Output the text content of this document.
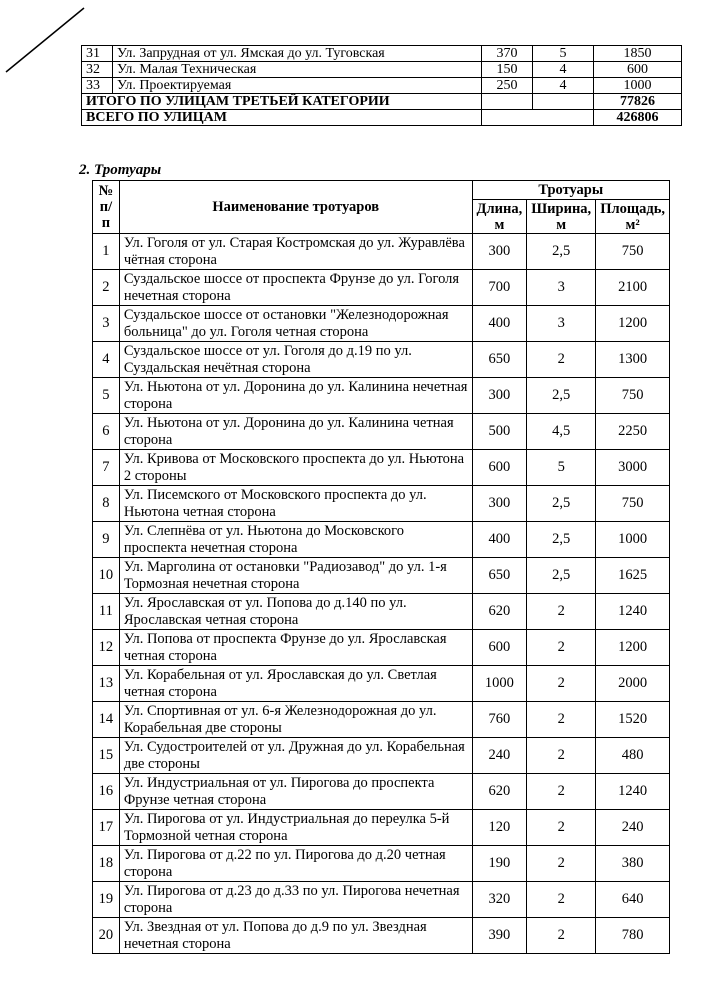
31	Ул. Запрудная от ул. Ямская до ул. Туговская	370	5	1850
32	Ул. Малая Техническая	150	4	600
33	Ул. Проектируемая	250	4	1000
ИТОГО ПО УЛИЦАМ ТРЕТЬЕЙ КАТЕГОРИИ				77826
ВСЕГО ПО УЛИЦАМ				426806
2. Тротуары
№ п/п	Наименование тротуаров	Тротуары		
		Длина, м	Ширина, м	Площадь, м²
1	Ул. Гоголя от ул. Старая Костромская до ул. Журавлёва чётная сторона	300	2,5	750
2	Суздальское шоссе от проспекта Фрунзе до ул. Гоголя нечетная сторона	700	3	2100
3	Суздальское шоссе от остановки "Железнодорожная больница" до ул. Гоголя четная сторона	400	3	1200
4	Суздальское шоссе от ул. Гоголя до д.19 по ул. Суздальская нечётная сторона	650	2	1300
5	Ул. Ньютона от ул. Доронина до ул. Калинина нечетная сторона	300	2,5	750
6	Ул. Ньютона от ул. Доронина до ул. Калинина четная сторона	500	4,5	2250
7	Ул. Кривова от Московского проспекта до ул. Ньютона 2 стороны	600	5	3000
8	Ул. Писемского от Московского проспекта до ул. Ньютона четная сторона	300	2,5	750
9	Ул. Слепнёва от ул. Ньютона до Московского проспекта нечетная сторона	400	2,5	1000
10	Ул. Марголина от остановки "Радиозавод" до ул. 1-я Тормозная нечетная сторона	650	2,5	1625
11	Ул. Ярославская от ул. Попова до д.140 по ул. Ярославская четная сторона	620	2	1240
12	Ул. Попова от проспекта Фрунзе до ул. Ярославская четная сторона	600	2	1200
13	Ул. Корабельная от ул. Ярославская до ул. Светлая четная сторона	1000	2	2000
14	Ул. Спортивная от ул. 6-я Железнодорожная до ул. Корабельная две стороны	760	2	1520
15	Ул. Судостроителей от ул. Дружная до ул. Корабельная две стороны	240	2	480
16	Ул. Индустриальная от ул. Пирогова до проспекта Фрунзе четная сторона	620	2	1240
17	Ул. Пирогова от ул. Индустриальная до переулка 5-й Тормозной четная сторона	120	2	240
18	Ул. Пирогова от д.22 по ул. Пирогова до д.20 четная сторона	190	2	380
19	Ул. Пирогова от д.23 до д.33 по ул. Пирогова нечетная сторона	320	2	640
20	Ул. Звездная от ул. Попова до д.9 по ул. Звездная нечетная сторона	390	2	780
